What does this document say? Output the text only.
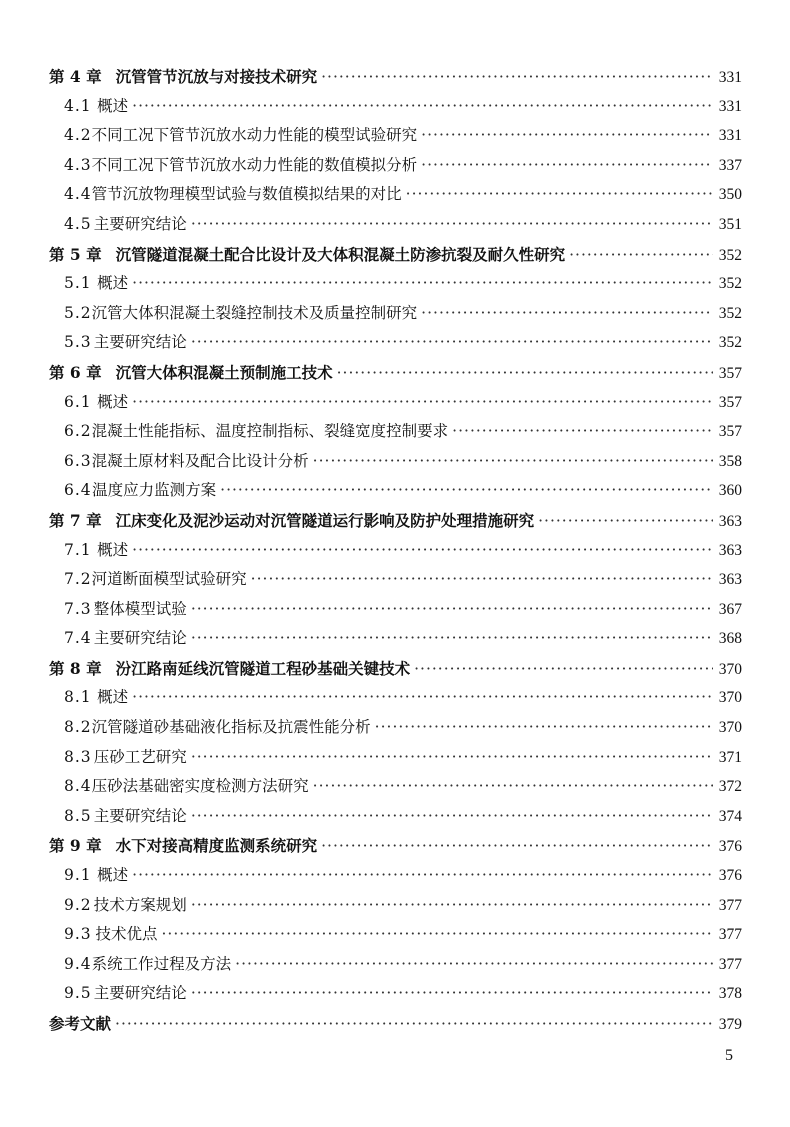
第 4 章 沉管管节沉放与对接技术研究 ·····	331
4.1 概述 ·····	331
4.2 不同工况下管节沉放水动力性能的模型试验研究 ·····	331
4.3 不同工况下管节沉放水动力性能的数值模拟分析 ·····	337
4.4 管节沉放物理模型试验与数值模拟结果的对比 ·····	350
4.5 主要研究结论 ·····	351
第 5 章 沉管隧道混凝土配合比设计及大体积混凝土防渗抗裂及耐久性研究 ·····	352
5.1 概述 ·····	352
5.2 沉管大体积混凝土裂缝控制技术及质量控制研究 ·····	352
5.3 主要研究结论 ·····	352
第 6 章 沉管大体积混凝土预制施工技术 ·····	357
6.1 概述 ·····	357
6.2 混凝土性能指标、温度控制指标、裂缝宽度控制要求 ·····	357
6.3 混凝土原材料及配合比设计分析 ·····	358
6.4 温度应力监测方案 ·····	360
第 7 章 江床变化及泥沙运动对沉管隧道运行影响及防护处理措施研究 ·····	363
7.1 概述 ·····	363
7.2 河道断面模型试验研究 ·····	363
7.3 整体模型试验 ·····	367
7.4 主要研究结论 ·····	368
第 8 章 汾江路南延线沉管隧道工程砂基础关键技术 ·····	370
8.1 概述 ·····	370
8.2 沉管隧道砂基础液化指标及抗震性能分析 ·····	370
8.3 压砂工艺研究 ·····	371
8.4 压砂法基础密实度检测方法研究 ·····	372
8.5 主要研究结论 ·····	374
第 9 章 水下对接高精度监测系统研究 ·····	376
9.1 概述 ·····	376
9.2 技术方案规划 ·····	377
9.3 技术优点 ·····	377
9.4 系统工作过程及方法 ·····	377
9.5 主要研究结论 ·····	378
参考文献 ·····	379
5
